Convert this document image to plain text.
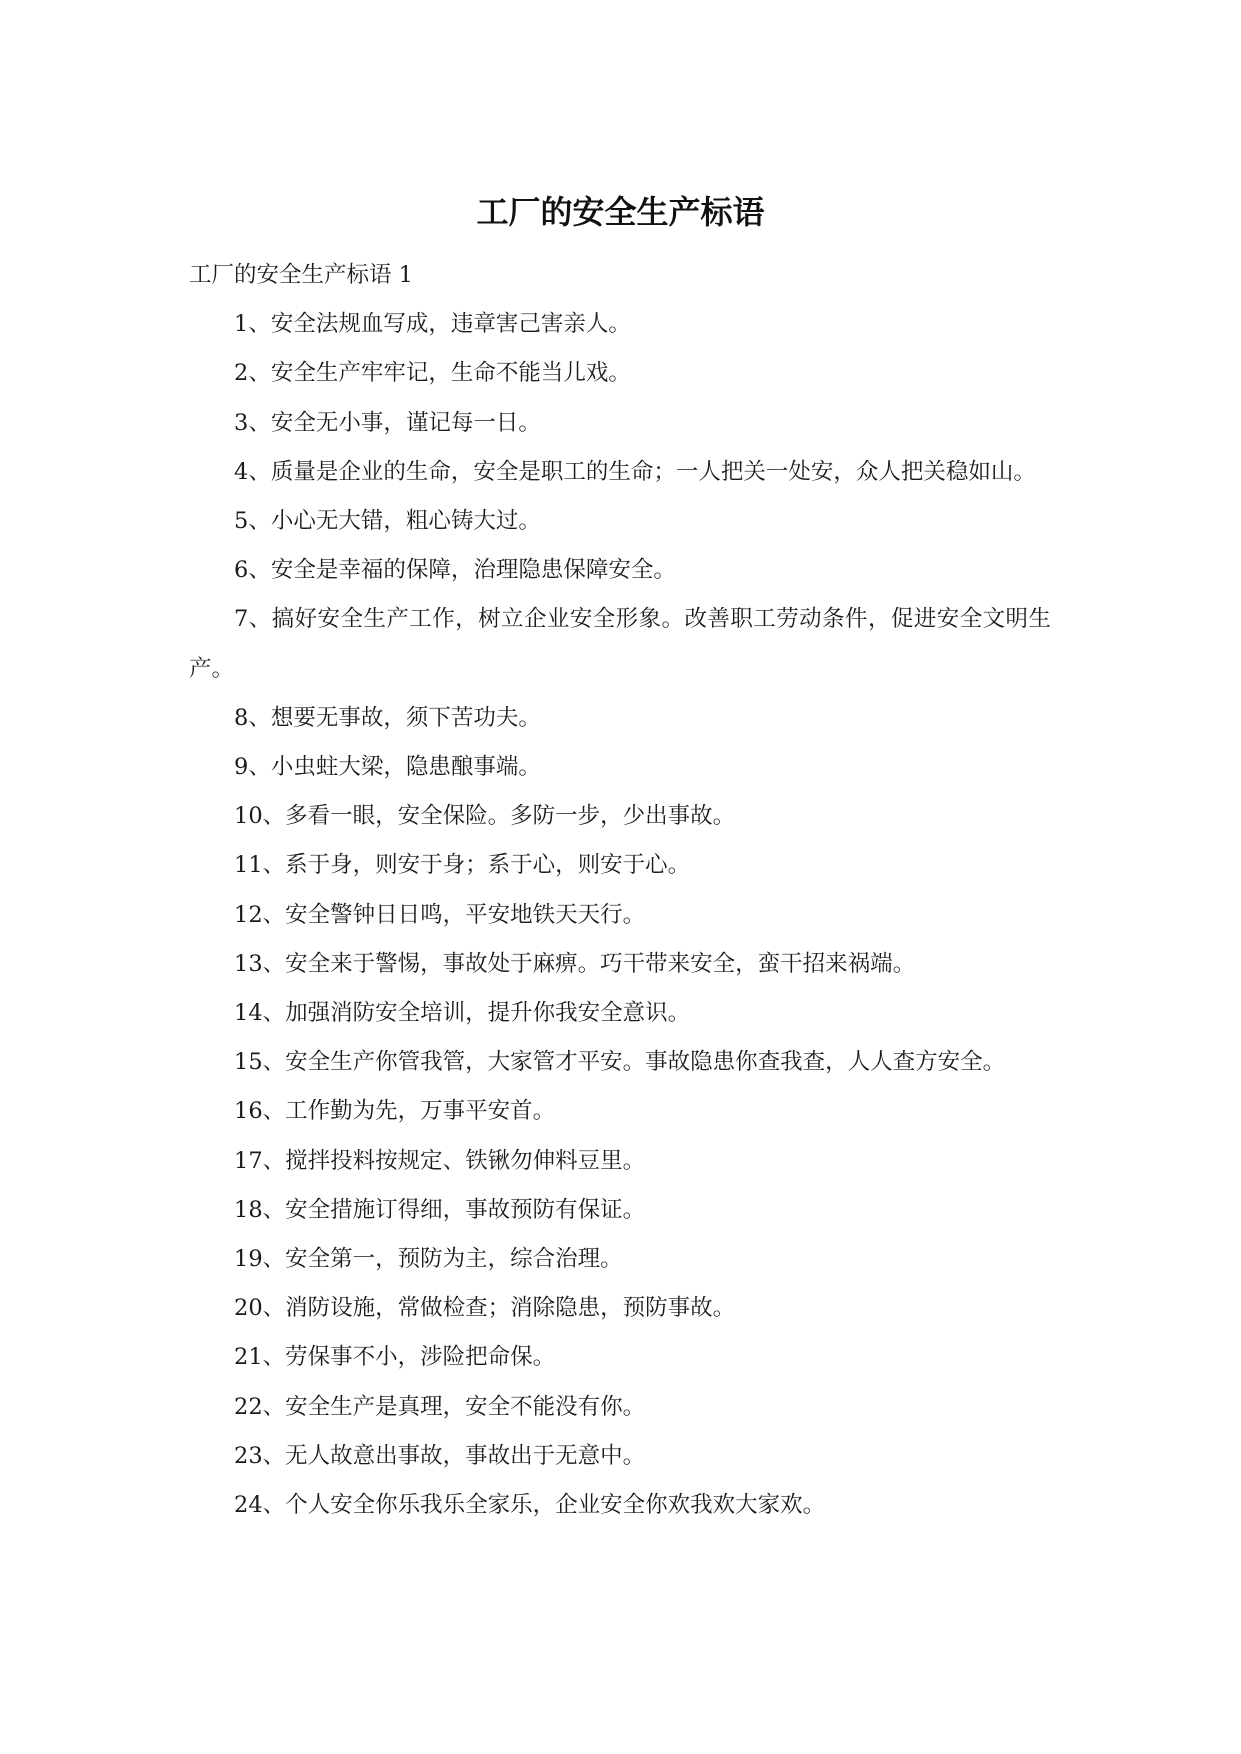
工厂的安全生产标语

工厂的安全生产标语 1

1、安全法规血写成，违章害己害亲人。

2、安全生产牢牢记，生命不能当儿戏。

3、安全无小事，谨记每一日。

4、质量是企业的生命，安全是职工的生命；一人把关一处安，众人把关稳如山。

5、小心无大错，粗心铸大过。

6、安全是幸福的保障，治理隐患保障安全。

7、搞好安全生产工作，树立企业安全形象。改善职工劳动条件，促进安全文明生产。

8、想要无事故，须下苦功夫。

9、小虫蛀大梁，隐患酿事端。

10、多看一眼，安全保险。多防一步，少出事故。

11、系于身，则安于身；系于心，则安于心。

12、安全警钟日日鸣，平安地铁天天行。

13、安全来于警惕，事故处于麻痹。巧干带来安全，蛮干招来祸端。

14、加强消防安全培训，提升你我安全意识。

15、安全生产你管我管，大家管才平安。事故隐患你查我查，人人查方安全。

16、工作勤为先，万事平安首。

17、搅拌投料按规定、铁锹勿伸料豆里。

18、安全措施订得细，事故预防有保证。

19、安全第一，预防为主，综合治理。

20、消防设施，常做检查；消除隐患，预防事故。

21、劳保事不小，涉险把命保。

22、安全生产是真理，安全不能没有你。

23、无人故意出事故，事故出于无意中。

24、个人安全你乐我乐全家乐，企业安全你欢我欢大家欢。
